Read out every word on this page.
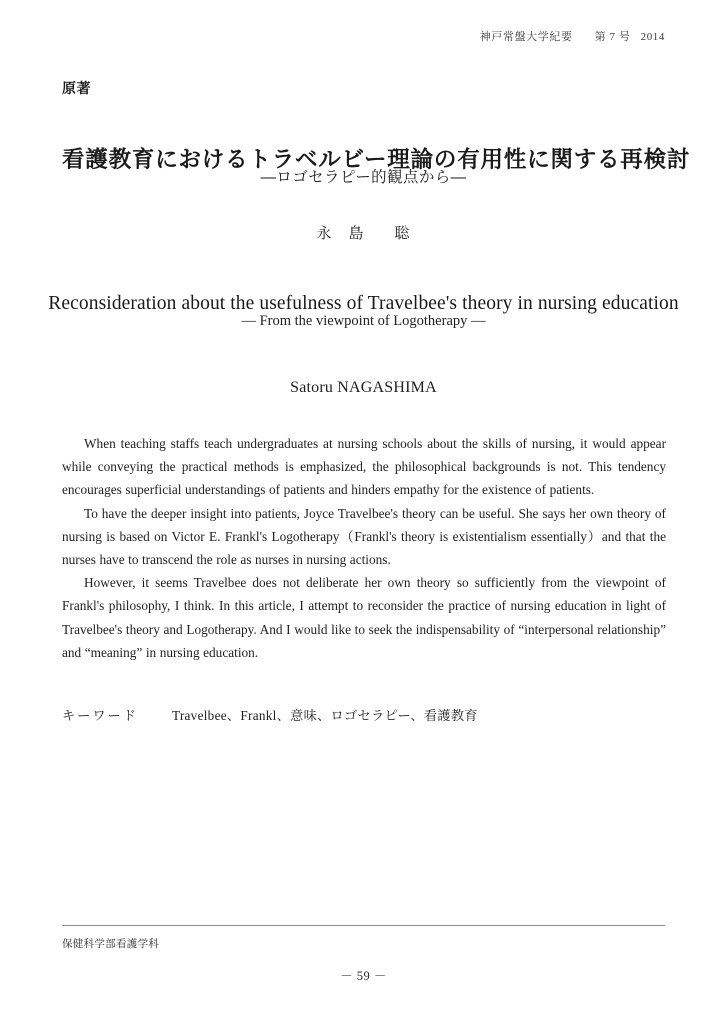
神戸常盤大学紀要 第 7 号 2014
原著
看護教育におけるトラベルビー理論の有用性に関する再検討
―ロゴセラピー的観点から―
永　島 聡
Reconsideration about the usefulness of Travelbee's theory in nursing education
― From the viewpoint of Logotherapy ―
Satoru NAGASHIMA

When teaching staffs teach undergraduates at nursing schools about the skills of nursing, it would appear while conveying the practical methods is emphasized, the philosophical backgrounds is not. This tendency encourages superficial understandings of patients and hinders empathy for the existence of patients.

To have the deeper insight into patients, Joyce Travelbee's theory can be useful. She says her own theory of nursing is based on Victor E. Frankl's Logotherapy（Frankl's theory is existentialism essentially）and that the nurses have to transcend the role as nurses in nursing actions.

However, it seems Travelbee does not deliberate her own theory so sufficiently from the viewpoint of Frankl's philosophy, I think. In this article, I attempt to reconsider the practice of nursing education in light of Travelbee's theory and Logotherapy. And I would like to seek the indispensability of “interpersonal relationship” and “meaning” in nursing education.

キーワード	Travelbee、Frankl、意味、ロゴセラピー、看護教育
保健科学部看護学科
－ 59 －
